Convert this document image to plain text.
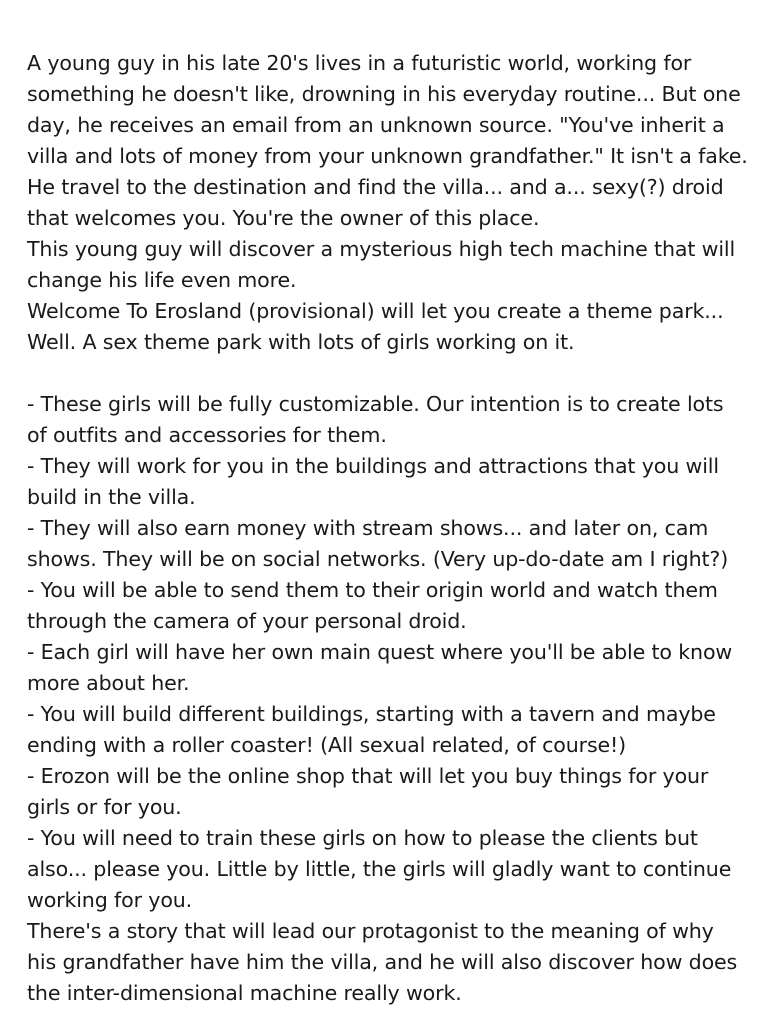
A young guy in his late 20's lives in a futuristic world, working for
something he doesn't like, drowning in his everyday routine... But one
day, he receives an email from an unknown source. "You've inherit a
villa and lots of money from your unknown grandfather." It isn't a fake.
He travel to the destination and find the villa... and a... sexy(?) droid
that welcomes you. You're the owner of this place.
This young guy will discover a mysterious high tech machine that will
change his life even more.
Welcome To Erosland (provisional) will let you create a theme park...
Well. A sex theme park with lots of girls working on it.
- These girls will be fully customizable. Our intention is to create lots
of outfits and accessories for them.
- They will work for you in the buildings and attractions that you will
build in the villa.
- They will also earn money with stream shows... and later on, cam
shows. They will be on social networks. (Very up-do-date am I right?)
- You will be able to send them to their origin world and watch them
through the camera of your personal droid.
- Each girl will have her own main quest where you'll be able to know
more about her.
- You will build different buildings, starting with a tavern and maybe
ending with a roller coaster! (All sexual related, of course!)
- Erozon will be the online shop that will let you buy things for your
girls or for you.
- You will need to train these girls on how to please the clients but
also... please you. Little by little, the girls will gladly want to continue
working for you.
There's a story that will lead our protagonist to the meaning of why
his grandfather have him the villa, and he will also discover how does
the inter-dimensional machine really work.
